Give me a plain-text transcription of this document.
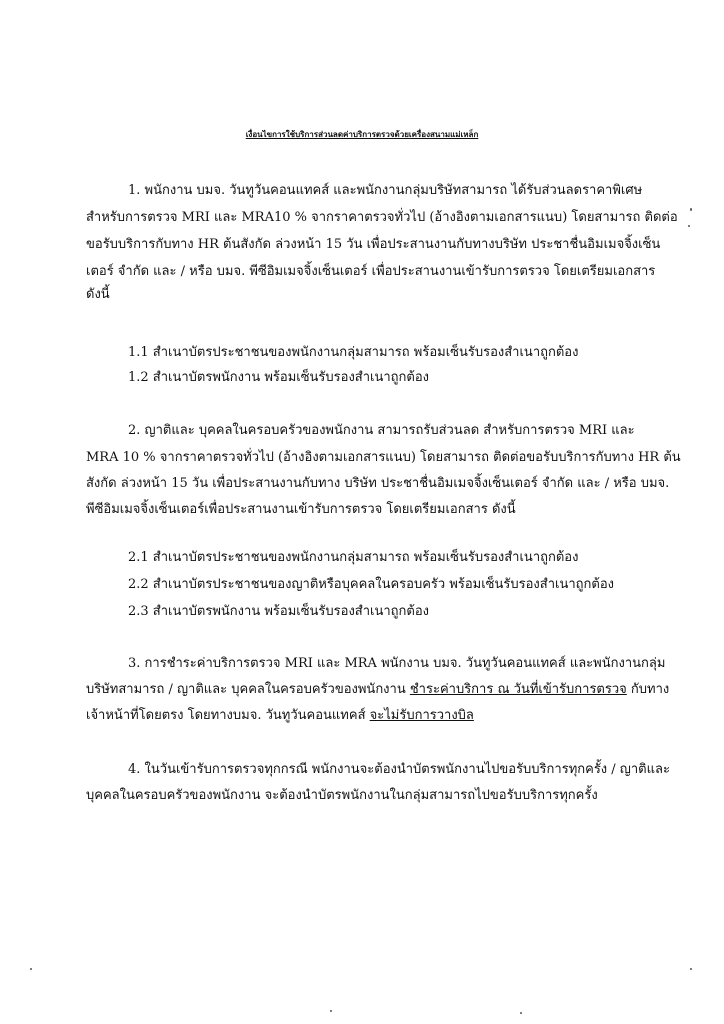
เงื่อนไขการใช้บริการส่วนลดค่าบริการตรวจด้วยเครื่องสนามแม่เหล็ก
1. พนักงาน บมจ. วันทูวันคอนแทคส์ และพนักงานกลุ่มบริษัทสามารถ ได้รับส่วนลดราคาพิเศษ
สำหรับการตรวจ MRI และ MRA10 % จากราคาตรวจทั่วไป (อ้างอิงตามเอกสารแนบ) โดยสามารถ ติดต่อ
ขอรับบริการกับทาง HR ต้นสังกัด ล่วงหน้า 15 วัน เพื่อประสานงานกับทางบริษัท ประชาชื่นอิมเมจจิ้งเซ็น
เตอร์ จำกัด และ / หรือ บมจ. พีซีอิมเมจจิ้งเซ็นเตอร์ เพื่อประสานงานเข้ารับการตรวจ โดยเตรียมเอกสาร
ดังนี้
1.1 สำเนาบัตรประชาชนของพนักงานกลุ่มสามารถ พร้อมเซ็นรับรองสำเนาถูกต้อง
1.2 สำเนาบัตรพนักงาน พร้อมเซ็นรับรองสำเนาถูกต้อง
2. ญาติและ บุคคลในครอบครัวของพนักงาน สามารถรับส่วนลด สำหรับการตรวจ MRI และ
MRA 10 % จากราคาตรวจทั่วไป (อ้างอิงตามเอกสารแนบ) โดยสามารถ ติดต่อขอรับบริการกับทาง HR ต้น
สังกัด ล่วงหน้า 15 วัน เพื่อประสานงานกับทาง บริษัท ประชาชื่นอิมเมจจิ้งเซ็นเตอร์ จำกัด และ / หรือ บมจ.
พีซีอิมเมจจิ้งเซ็นเตอร์เพื่อประสานงานเข้ารับการตรวจ โดยเตรียมเอกสาร ดังนี้
2.1 สำเนาบัตรประชาชนของพนักงานกลุ่มสามารถ พร้อมเซ็นรับรองสำเนาถูกต้อง
2.2 สำเนาบัตรประชาชนของญาติหรือบุคคลในครอบครัว พร้อมเซ็นรับรองสำเนาถูกต้อง
2.3 สำเนาบัตรพนักงาน พร้อมเซ็นรับรองสำเนาถูกต้อง
3. การชำระค่าบริการตรวจ MRI และ MRA พนักงาน บมจ. วันทูวันคอนแทคส์ และพนักงานกลุ่ม
บริษัทสามารถ / ญาติและ บุคคลในครอบครัวของพนักงาน ชำระค่าบริการ ณ วันที่เข้ารับการตรวจ กับทาง
เจ้าหน้าที่โดยตรง โดยทางบมจ. วันทูวันคอนแทคส์ จะไม่รับการวางบิล
4. ในวันเข้ารับการตรวจทุกกรณี พนักงานจะต้องนำบัตรพนักงานไปขอรับบริการทุกครั้ง / ญาติและ
บุคคลในครอบครัวของพนักงาน จะต้องนำบัตรพนักงานในกลุ่มสามารถไปขอรับบริการทุกครั้ง
